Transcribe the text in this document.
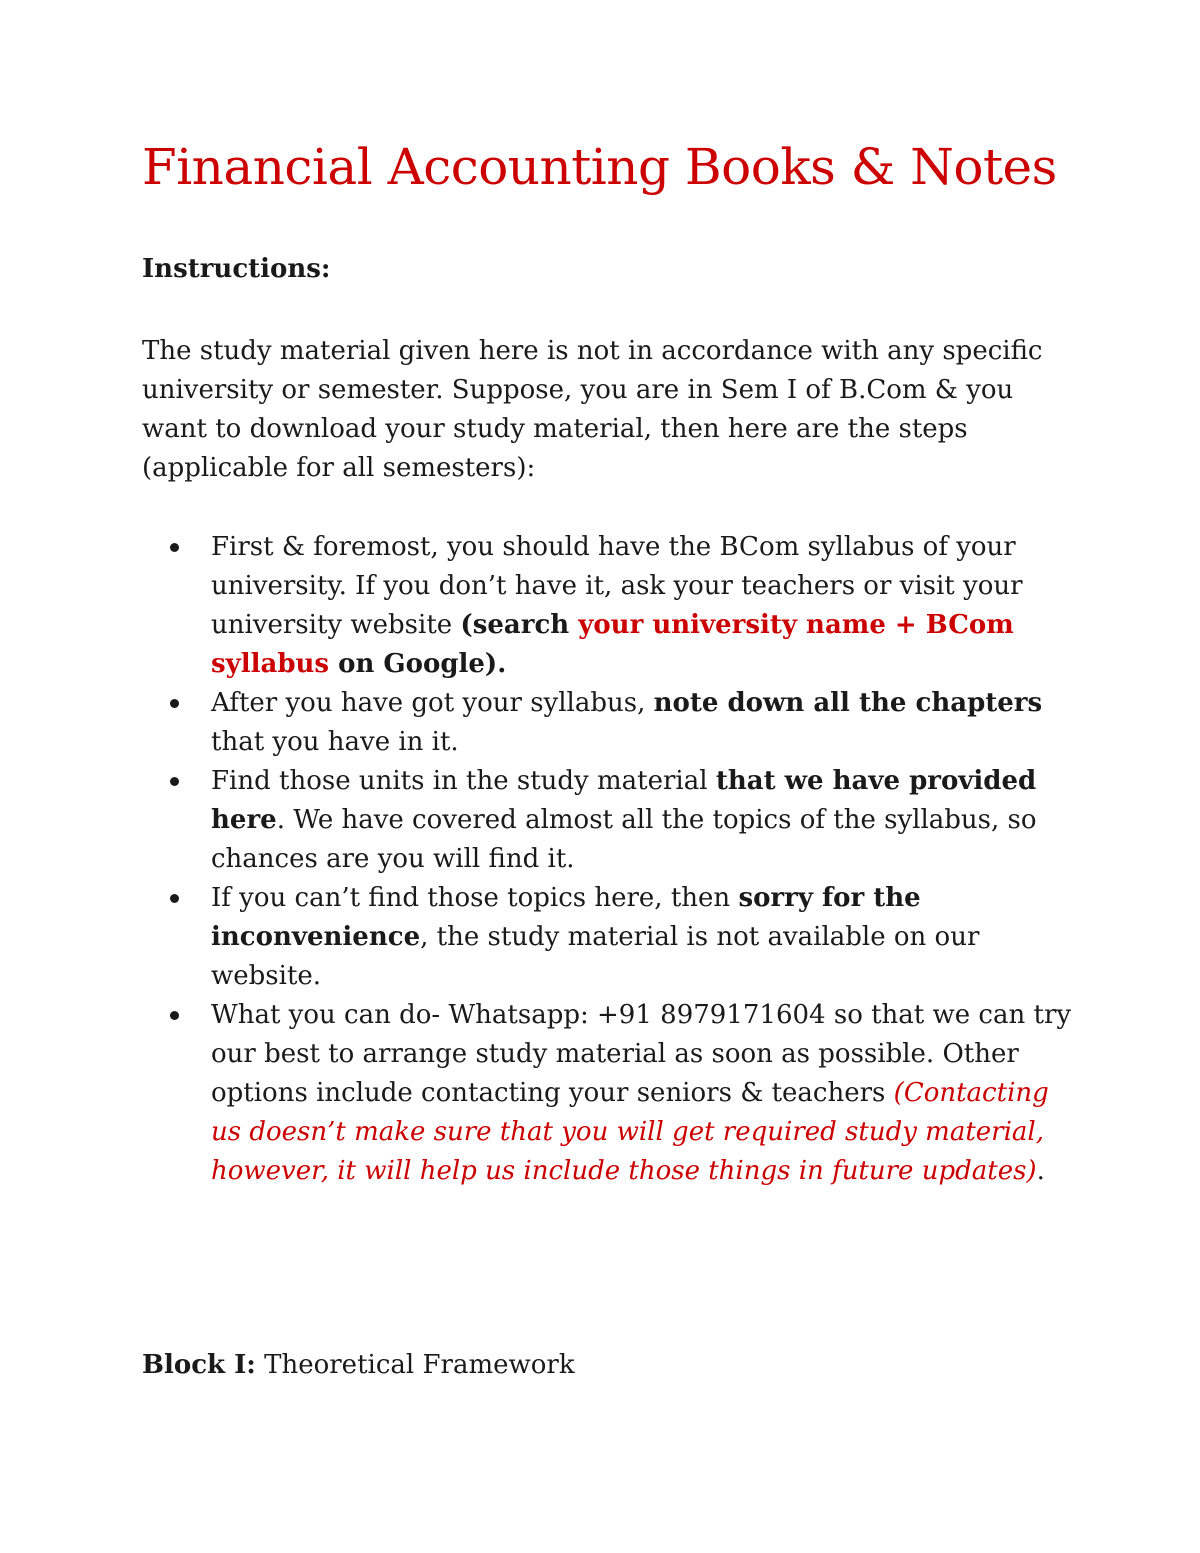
Financial Accounting Books & Notes
Instructions:

The study material given here is not in accordance with any specific university or semester. Suppose, you are in Sem I of B.Com & you want to download your study material, then here are the steps (applicable for all semesters):

First & foremost, you should have the BCom syllabus of your university. If you don’t have it, ask your teachers or visit your university website (search your university name + BCom syllabus on Google).
After you have got your syllabus, note down all the chapters that you have in it.
Find those units in the study material that we have provided here. We have covered almost all the topics of the syllabus, so chances are you will find it.
If you can’t find those topics here, then sorry for the inconvenience, the study material is not available on our website.
What you can do- Whatsapp: +91 8979171604 so that we can try our best to arrange study material as soon as possible. Other options include contacting your seniors & teachers (Contacting us doesn’t make sure that you will get required study material, however, it will help us include those things in future updates).

Block I: Theoretical Framework
